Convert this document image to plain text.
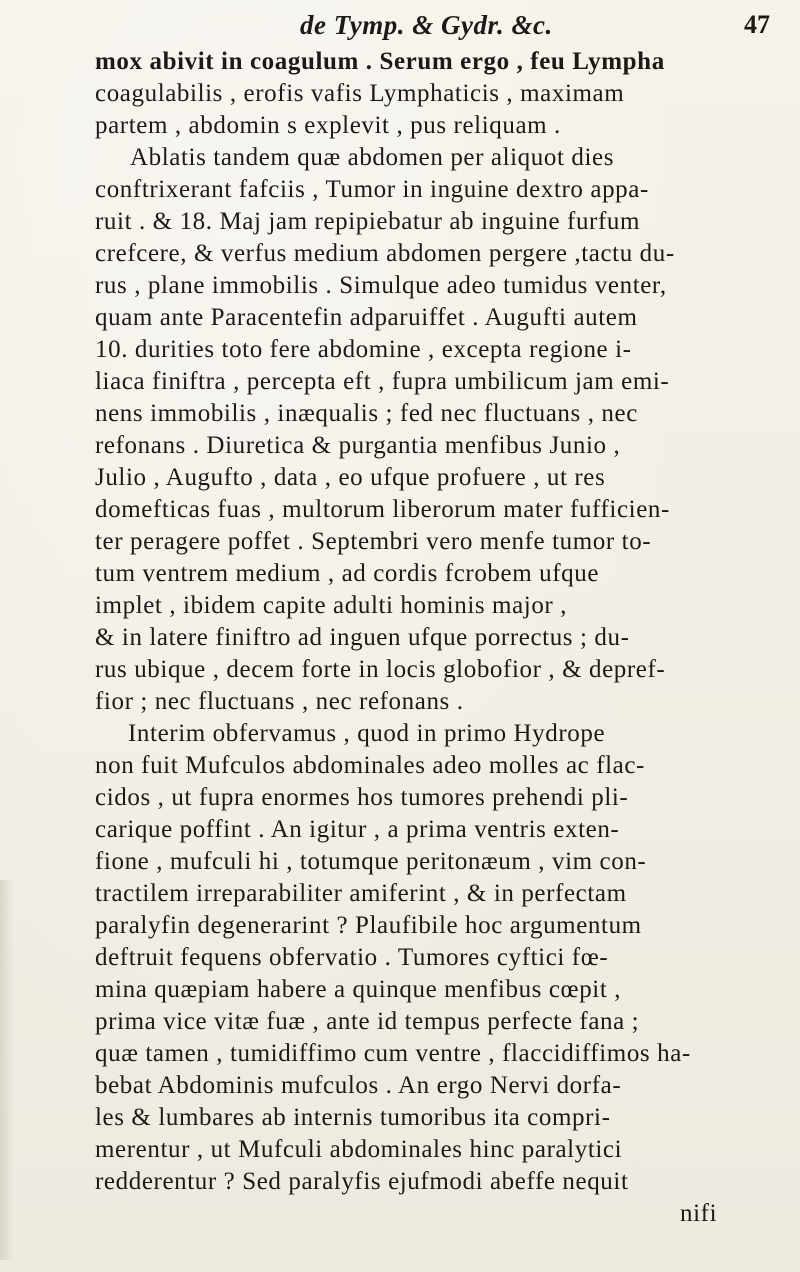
de Tymp. & Gydr. &c.	47
mox abivit in coagulum . Serum ergo , feu Lympha
coagulabilis , erofis vafis Lymphaticis , maximam
partem , abdomin s explevit , pus reliquam .
Ablatis tandem quæ abdomen per aliquot dies
conftrixerant fafciis , Tumor in inguine dextro appa-
ruit . & 18. Maj jam repipiebatur ab inguine furfum
crefcere, & verfus medium abdomen pergere ,tactu du-
rus , plane immobilis . Simulque adeo tumidus venter,
quam ante Paracentefin adparuiffet . Augufti autem
10. durities toto fere abdomine , excepta regione i-
liaca finiftra , percepta eft , fupra umbilicum jam emi-
nens immobilis , inæqualis ; fed nec fluctuans , nec
refonans . Diuretica & purgantia menfibus Junio ,
Julio , Augufto , data , eo ufque profuere , ut res
domefticas fuas , multorum liberorum mater fufficien-
ter peragere poffet . Septembri vero menfe tumor to-
tum ventrem medium , ad cordis fcrobem ufque
implet , ibidem capite adulti hominis major ,
& in latere finiftro ad inguen ufque porrectus ; du-
rus ubique , decem forte in locis globofior , & depref-
fior ; nec fluctuans , nec refonans .
Interim obfervamus , quod in primo Hydrope
non fuit Mufculos abdominales adeo molles ac flac-
cidos , ut fupra enormes hos tumores prehendi pli-
carique poffint . An igitur , a prima ventris exten-
fione , mufculi hi , totumque peritonæum , vim con-
tractilem irreparabiliter amiferint , & in perfectam
paralyfin degenerarint ? Plaufibile hoc argumentum
deftruit fequens obfervatio . Tumores cyftici fœ-
mina quæpiam habere a quinque menfibus cœpit ,
prima vice vitæ fuæ , ante id tempus perfecte fana ;
quæ tamen , tumidiffimo cum ventre , flaccidiffimos ha-
bebat Abdominis mufculos . An ergo Nervi dorfa-
les & lumbares ab internis tumoribus ita compri-
merentur , ut Mufculi abdominales hinc paralytici
redderentur ? Sed paralyfis ejufmodi abeffe nequit
nifi
